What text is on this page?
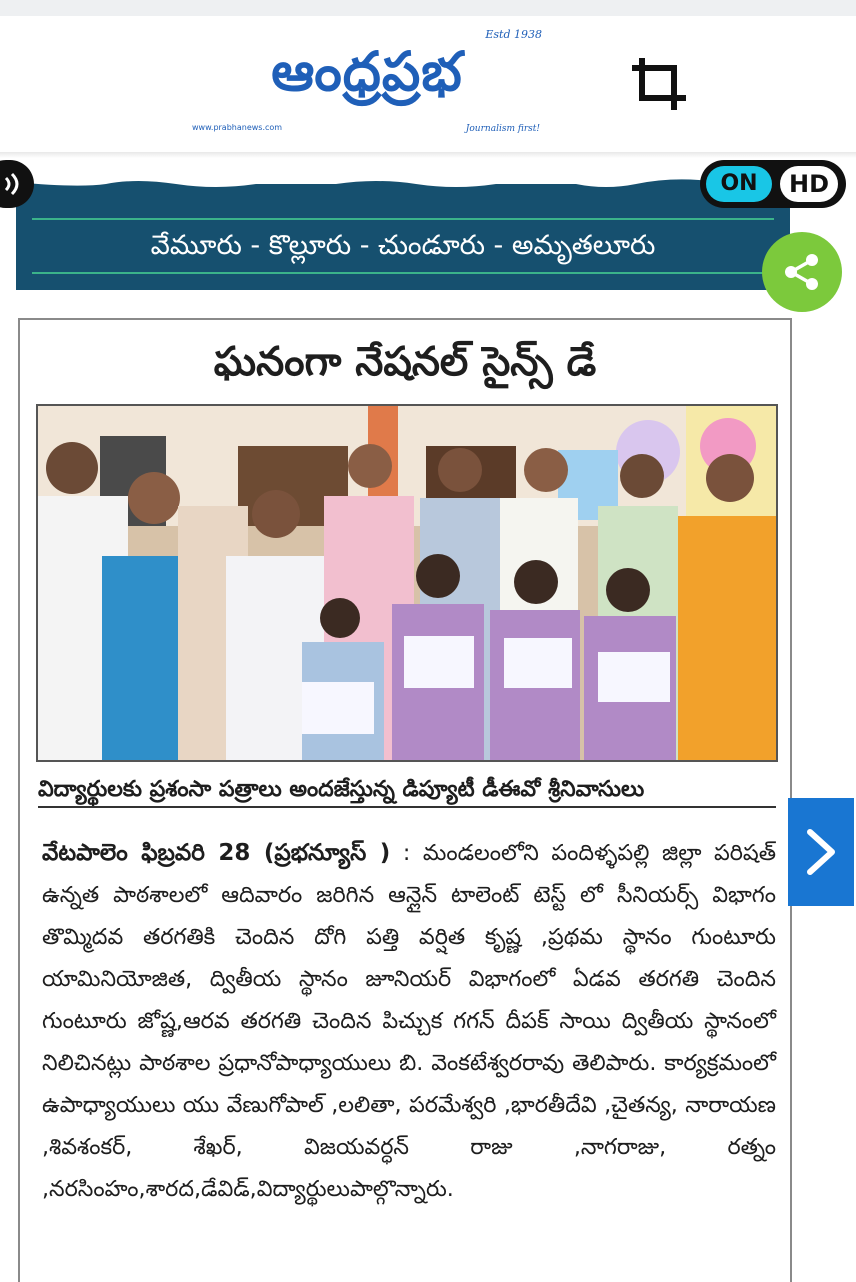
Estd 1938
ఆంధ్రప్రభ
www.prabhanews.com	Journalism first!
వేమూరు - కొల్లూరు - చుండూరు - అమృతలూరు
ON	HD
ఘనంగా నేషనల్ సైన్స్ డే
విద్యార్థులకు ప్రశంసా పత్రాలు అందజేస్తున్న డిప్యూటీ డీఈవో శ్రీనివాసులు
వేటపాలెం ఫిబ్రవరి 28 (ప్రభన్యూస్ ) : మండలంలోని పందిళ్ళపల్లి జిల్లా పరిషత్ ఉన్నత పాఠశాలలో ఆదివారం జరిగిన ఆన్లైన్ టాలెంట్ టెస్ట్ లో సీనియర్స్ విభాగం తొమ్మిదవ తరగతికి చెందిన దోగి పత్తి వర్షిత కృష్ణ ,ప్రథమ స్థానం గుంటూరు యామినియోజిత, ద్వితీయ స్థానం జూనియర్ విభాగంలో ఏడవ తరగతి చెందిన గుంటూరు జోష్ణ,ఆరవ తరగతి చెందిన పిచ్చుక గగన్ దీపక్ సాయి ద్వితీయ స్థానంలో నిలిచినట్లు పాఠశాల ప్రధానోపాధ్యాయులు బి. వెంకటేశ్వరరావు తెలిపారు. కార్యక్రమంలో ఉపాధ్యాయులు యు వేణుగోపాల్ ,లలితా, పరమేశ్వరి ,భారతీదేవి ,చైతన్య, నారాయణ ,శివశంకర్, శేఖర్, విజయవర్ధన్ రాజు ,నాగరాజు, రత్నం ,నరసింహం,శారద,డేవిడ్,విద్యార్థులుపాల్గొన్నారు.
